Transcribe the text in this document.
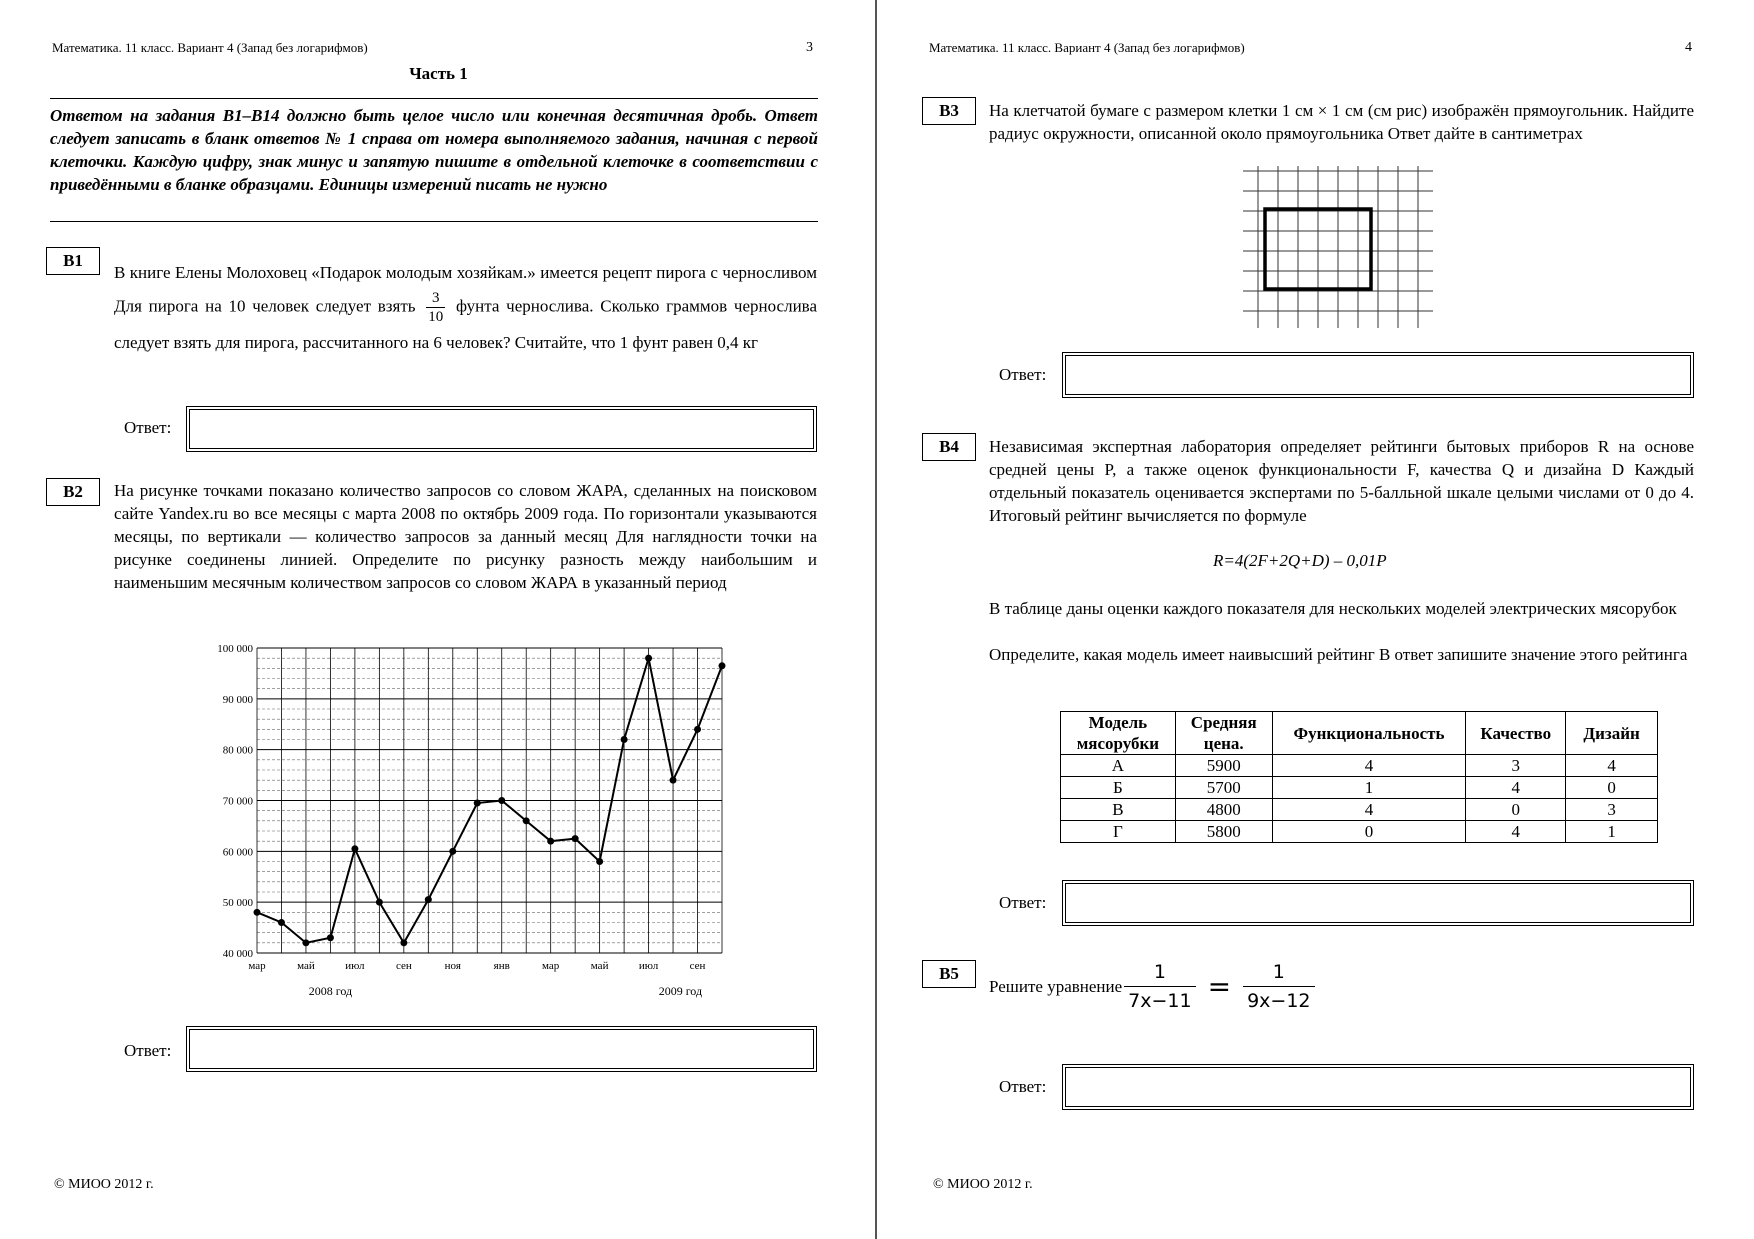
Математика. 11 класс. Вариант 4 (Запад без логарифмов)	3
Часть 1
Ответом на задания B1–B14 должно быть целое число или конечная десятичная дробь. Ответ следует записать в бланк ответов № 1 справа от номера выполняемого задания, начиная с первой клеточки. Каждую цифру, знак минус и запятую пишите в отдельной клеточке в соответствии с приведёнными в бланке образцами. Единицы измерений писать не нужно
B1
В книге Елены Молоховец «Подарок молодым хозяйкам.» имеется рецепт пирога с черносливом Для пирога на 10 человек следует взять $\frac{3}{10}$ фунта чернослива. Сколько граммов чернослива следует взять для пирога, рассчитанного на 6 человек? Считайте, что 1 фунт равен 0,4 кг
Ответ:
B2	На рисунке точками показано количество запросов со словом ЖАРА, сделанных на поисковом сайте Yandex.ru во все месяцы с марта 2008 по октябрь 2009 года. По горизонтали указываются месяцы, по вертикали — количество запросов за данный месяц Для наглядности точки на рисунке соединены линией. Определите по рисунку разность между наибольшим и наименьшим месячным количеством запросов со словом ЖАРА в указанный период
40 000
50 000
60 000
70 000
80 000
90 000
100 000
мар	май	июл	сен	ноя	янв	мар	май	июл	сен
2008 год	2009 год
Ответ:
© МИОО 2012 г.
Математика. 11 класс. Вариант 4 (Запад без логарифмов)	4
B3	На клетчатой бумаге с размером клетки 1 см × 1 см (см рис) изображён прямоугольник. Найдите радиус окружности, описанной около прямоугольника Ответ дайте в сантиметрах
Ответ:
B4	Независимая экспертная лаборатория определяет рейтинги бытовых приборов R на основе средней цены P, а также оценок функциональности F, качества Q и дизайна D Каждый отдельный показатель оценивается экспертами по 5-балльной шкале целыми числами от 0 до 4. Итоговый рейтинг вычисляется по формуле
R=4(2F+2Q+D) – 0,01P
В таблице даны оценки каждого показателя для нескольких моделей электрических мясорубок
Определите, какая модель имеет наивысший рейтинг В ответ запишите значение этого рейтинга
Модель мясорубки	Средняя цена.	Функциональность	Качество	Дизайн
А	5900	4	3	4
Б	5700	1	4	0
В	4800	4	0	3
Г	5800	0	4	1
Ответ:
B5
Решите уравнение $\frac{1}{7x-11} = \frac{1}{9x-12}$
Ответ:
© МИОО 2012 г.
